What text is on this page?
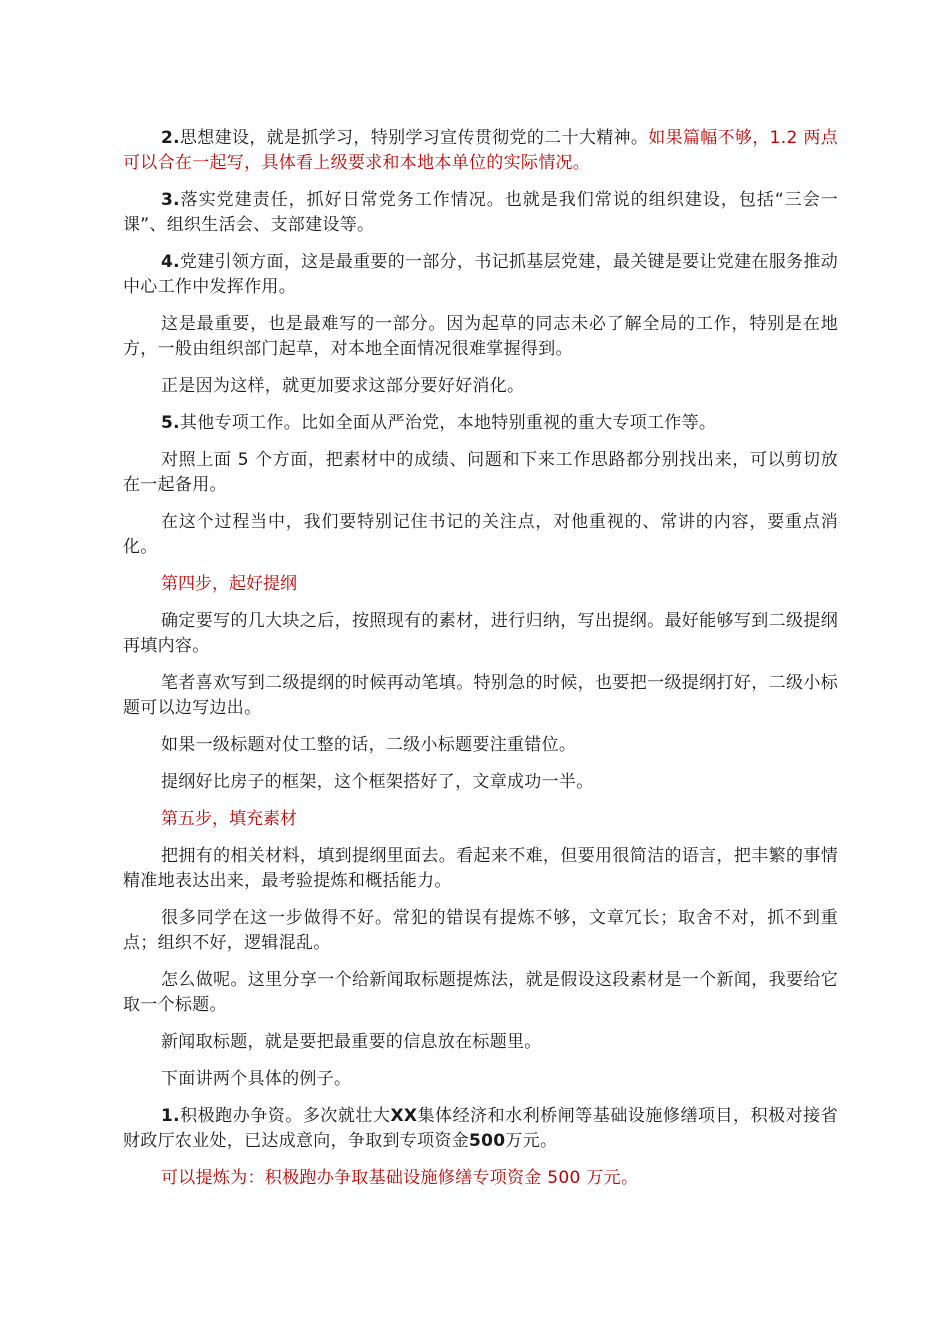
2.思想建设，就是抓学习，特别学习宣传贯彻党的二十大精神。如果篇幅不够，1.2 两点可以合在一起写，具体看上级要求和本地本单位的实际情况。

3.落实党建责任，抓好日常党务工作情况。也就是我们常说的组织建设，包括“三会一课”、组织生活会、支部建设等。

4.党建引领方面，这是最重要的一部分，书记抓基层党建，最关键是要让党建在服务推动中心工作中发挥作用。

这是最重要，也是最难写的一部分。因为起草的同志未必了解全局的工作，特别是在地方，一般由组织部门起草，对本地全面情况很难掌握得到。

正是因为这样，就更加要求这部分要好好消化。

5.其他专项工作。比如全面从严治党，本地特别重视的重大专项工作等。

对照上面 5 个方面，把素材中的成绩、问题和下来工作思路都分别找出来，可以剪切放在一起备用。

在这个过程当中，我们要特别记住书记的关注点，对他重视的、常讲的内容，要重点消化。

第四步，起好提纲

确定要写的几大块之后，按照现有的素材，进行归纳，写出提纲。最好能够写到二级提纲再填内容。

笔者喜欢写到二级提纲的时候再动笔填。特别急的时候，也要把一级提纲打好，二级小标题可以边写边出。

如果一级标题对仗工整的话，二级小标题要注重错位。

提纲好比房子的框架，这个框架搭好了，文章成功一半。

第五步，填充素材

把拥有的相关材料，填到提纲里面去。看起来不难，但要用很简洁的语言，把丰繁的事情精准地表达出来，最考验提炼和概括能力。

很多同学在这一步做得不好。常犯的错误有提炼不够，文章冗长；取舍不对，抓不到重点；组织不好，逻辑混乱。

怎么做呢。这里分享一个给新闻取标题提炼法，就是假设这段素材是一个新闻，我要给它取一个标题。

新闻取标题，就是要把最重要的信息放在标题里。

下面讲两个具体的例子。

1.积极跑办争资。多次就壮大XX集体经济和水利桥闸等基础设施修缮项目，积极对接省财政厅农业处，已达成意向，争取到专项资金500万元。

可以提炼为：积极跑办争取基础设施修缮专项资金 500 万元。
